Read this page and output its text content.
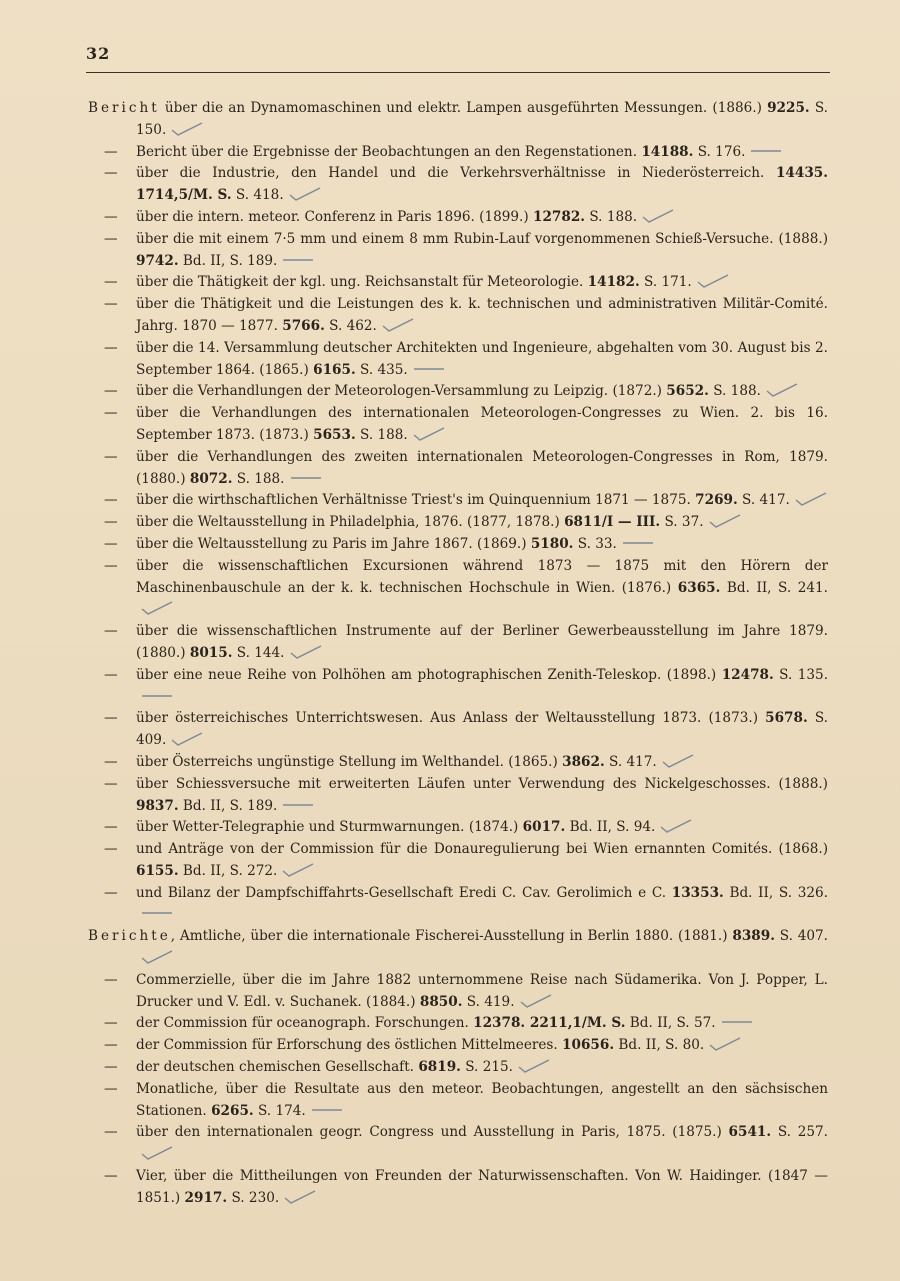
32
Bericht über die an Dynamomaschinen und elektr. Lampen ausgeführten Messungen. (1886.) 9225. S. 150.
— Bericht über die Ergebnisse der Beobachtungen an den Regenstationen. 14188. S. 176.
— über die Industrie, den Handel und die Verkehrsverhältnisse in Niederösterreich. 14435. 1714,5/M. S. S. 418.
— über die intern. meteor. Conferenz in Paris 1896. (1899.) 12782. S. 188.
— über die mit einem 7·5 mm und einem 8 mm Rubin-Lauf vorgenommenen Schieß-Versuche. (1888.) 9742. Bd. II, S. 189.
— über die Thätigkeit der kgl. ung. Reichsanstalt für Meteorologie. 14182. S. 171.
— über die Thätigkeit und die Leistungen des k. k. technischen und administrativen Militär-Comité. Jahrg. 1870 — 1877. 5766. S. 462.
— über die 14. Versammlung deutscher Architekten und Ingenieure, abgehalten vom 30. August bis 2. September 1864. (1865.) 6165. S. 435.
— über die Verhandlungen der Meteorologen-Versammlung zu Leipzig. (1872.) 5652. S. 188.
— über die Verhandlungen des internationalen Meteorologen-Congresses zu Wien. 2. bis 16. September 1873. (1873.) 5653. S. 188.
— über die Verhandlungen des zweiten internationalen Meteorologen-Congresses in Rom, 1879. (1880.) 8072. S. 188.
— über die wirthschaftlichen Verhältnisse Triest's im Quinquennium 1871 — 1875. 7269. S. 417.
— über die Weltausstellung in Philadelphia, 1876. (1877, 1878.) 6811/I — III. S. 37.
— über die Weltausstellung zu Paris im Jahre 1867. (1869.) 5180. S. 33.
— über die wissenschaftlichen Excursionen während 1873 — 1875 mit den Hörern der Maschinenbauschule an der k. k. technischen Hochschule in Wien. (1876.) 6365. Bd. II, S. 241.
— über die wissenschaftlichen Instrumente auf der Berliner Gewerbeausstellung im Jahre 1879. (1880.) 8015. S. 144.
— über eine neue Reihe von Polhöhen am photographischen Zenith-Teleskop. (1898.) 12478. S. 135.
— über österreichisches Unterrichtswesen. Aus Anlass der Weltausstellung 1873. (1873.) 5678. S. 409.
— über Österreichs ungünstige Stellung im Welthandel. (1865.) 3862. S. 417.
— über Schiessversuche mit erweiterten Läufen unter Verwendung des Nickelgeschosses. (1888.) 9837. Bd. II, S. 189.
— über Wetter-Telegraphie und Sturmwarnungen. (1874.) 6017. Bd. II, S. 94.
— und Anträge von der Commission für die Donauregulierung bei Wien ernannten Comités. (1868.) 6155. Bd. II, S. 272.
— und Bilanz der Dampfschiffahrts-Gesellschaft Eredi C. Cav. Gerolimich e C. 13353. Bd. II, S. 326.
Berichte, Amtliche, über die internationale Fischerei-Ausstellung in Berlin 1880. (1881.) 8389. S. 407.
— Commerzielle, über die im Jahre 1882 unternommene Reise nach Südamerika. Von J. Popper, L. Drucker und V. Edl. v. Suchanek. (1884.) 8850. S. 419.
— der Commission für oceanograph. Forschungen. 12378. 2211,1/M. S. Bd. II, S. 57.
— der Commission für Erforschung des östlichen Mittelmeeres. 10656. Bd. II, S. 80.
— der deutschen chemischen Gesellschaft. 6819. S. 215.
— Monatliche, über die Resultate aus den meteor. Beobachtungen, angestellt an den sächsischen Stationen. 6265. S. 174.
— über den internationalen geogr. Congress und Ausstellung in Paris, 1875. (1875.) 6541. S. 257.
— Vier, über die Mittheilungen von Freunden der Naturwissenschaften. Von W. Haidinger. (1847 — 1851.) 2917. S. 230.
